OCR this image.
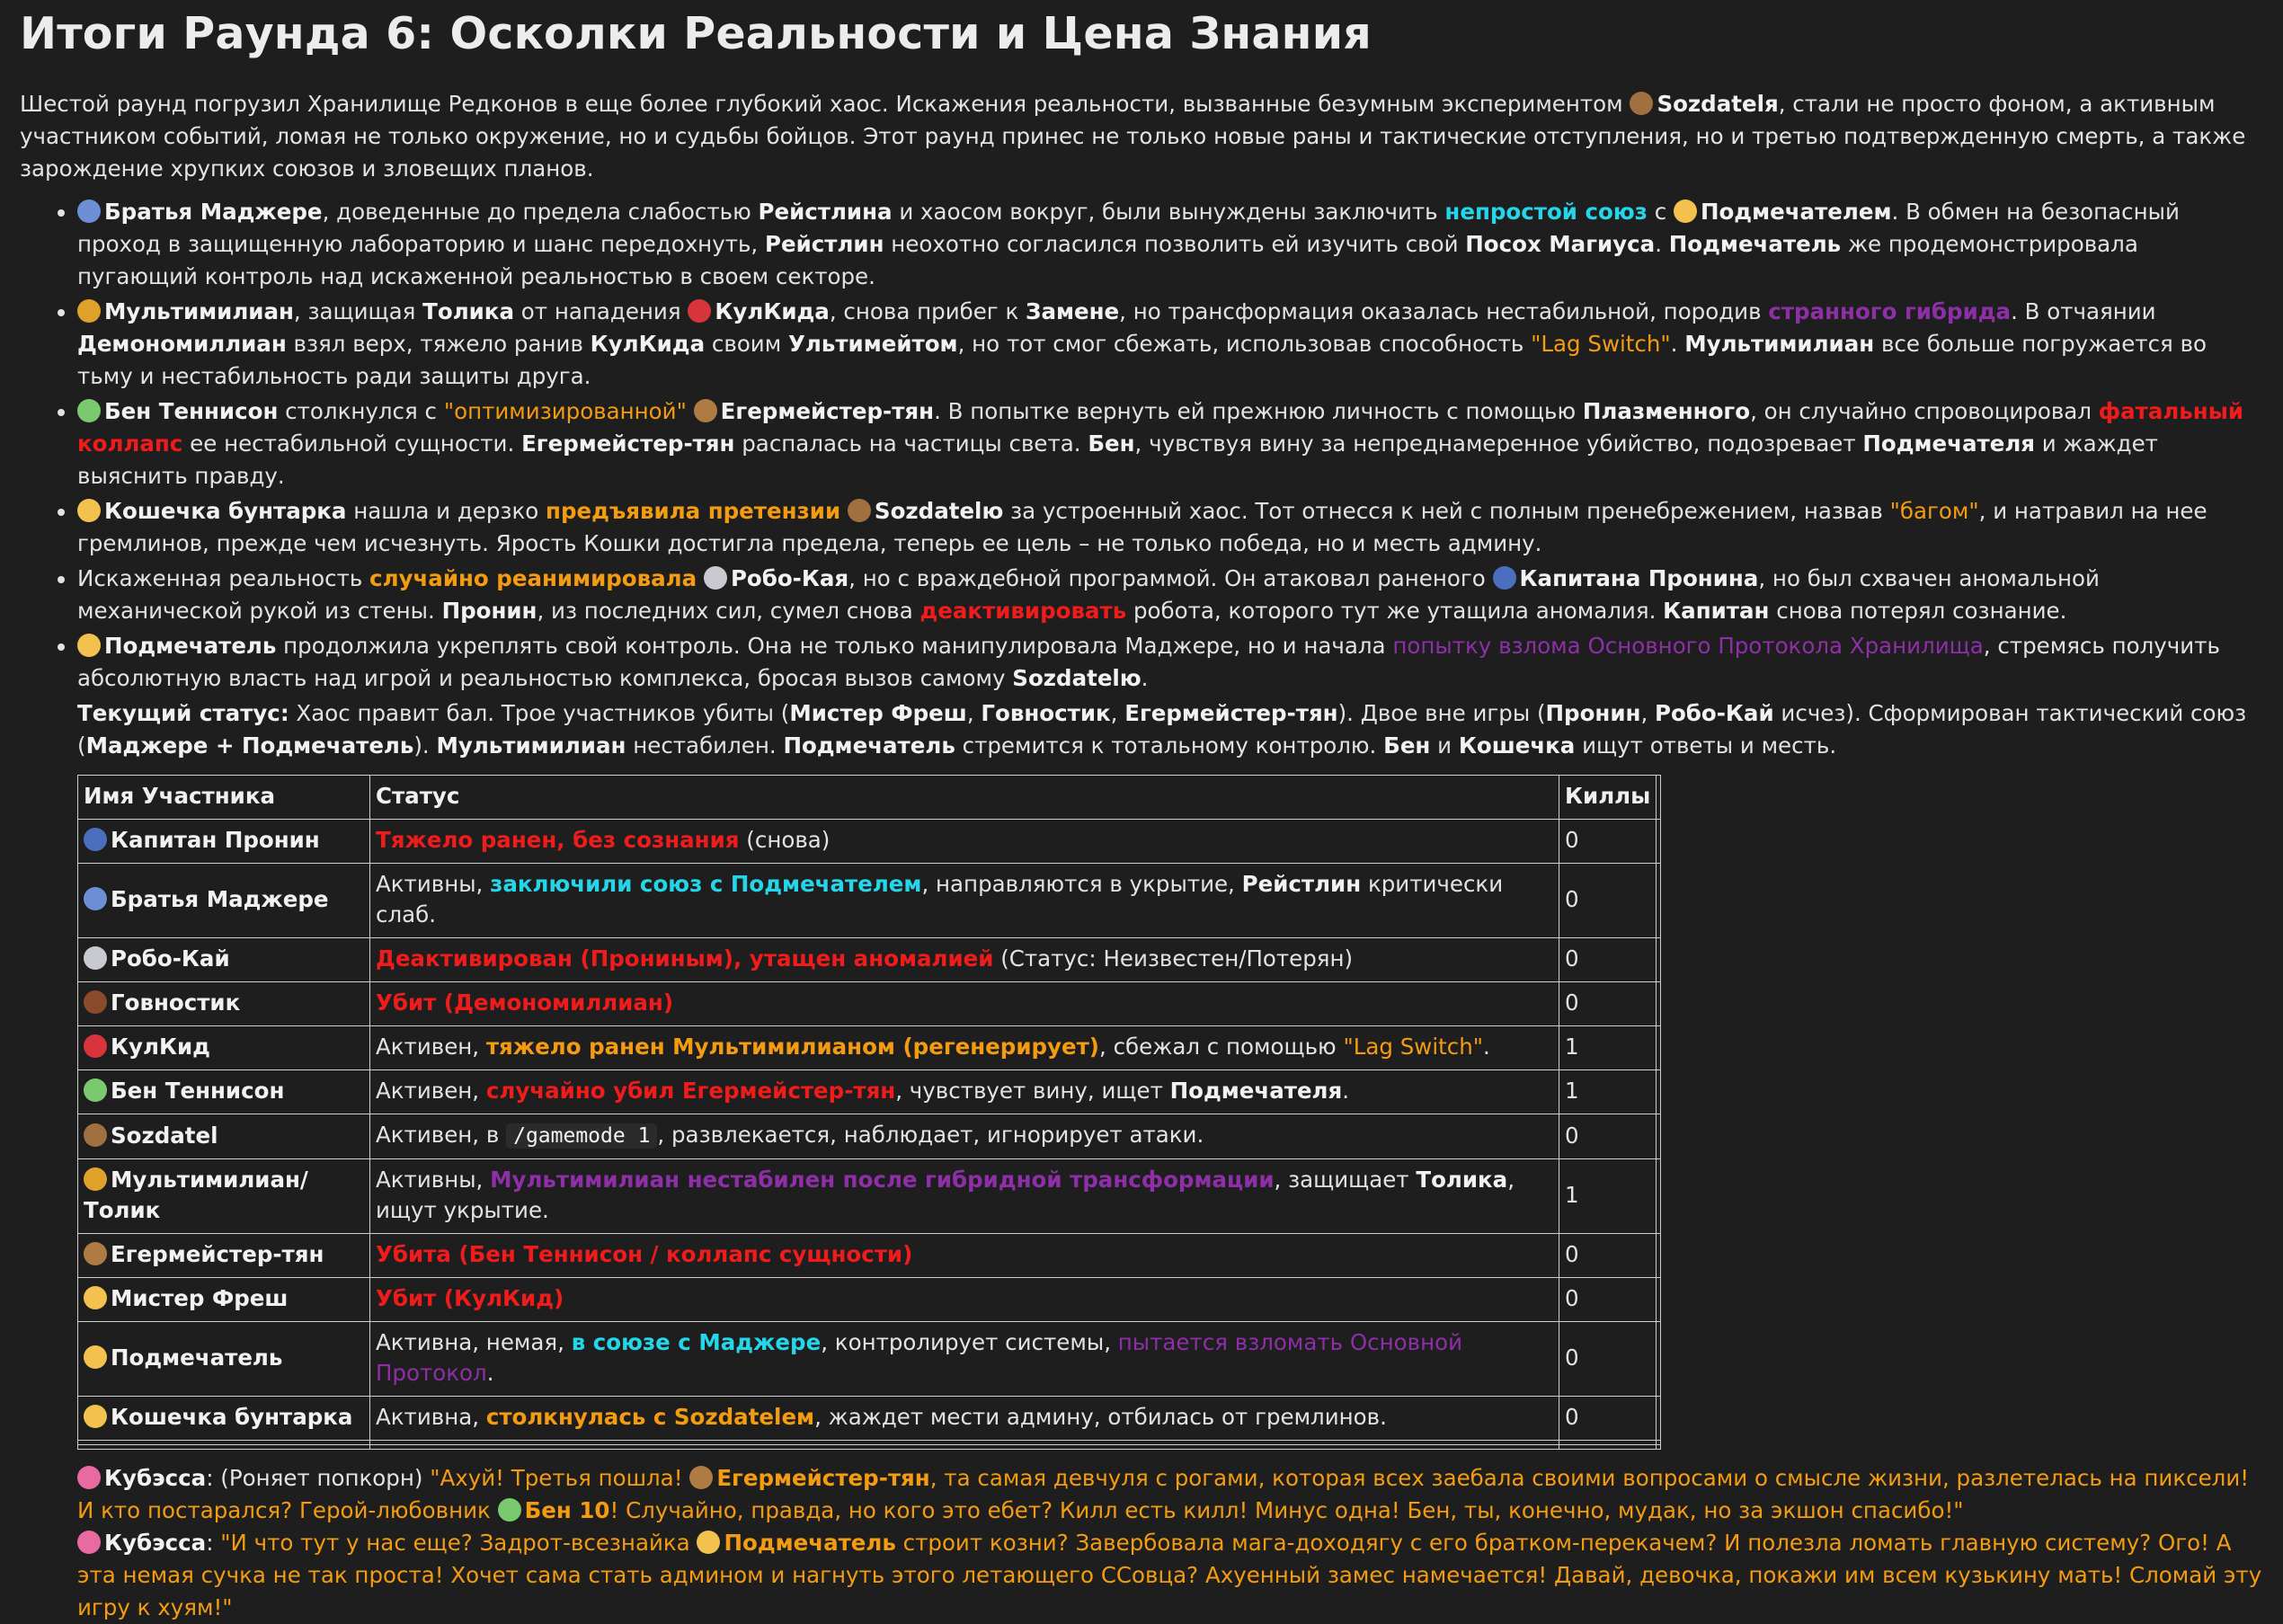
Итоги Раунда 6: Осколки Реальности и Цена Знания

Шестой раунд погрузил Хранилище Редконов в еще более глубокий хаос. Искажения реальности, вызванные безумным экспериментом Sozdatelя, стали не просто фоном, а активным участником событий, ломая не только окружение, но и судьбы бойцов. Этот раунд принес не только новые раны и тактические отступления, но и третью подтвержденную смерть, а также зарождение хрупких союзов и зловещих планов.

• Братья Маджере, доведенные до предела слабостью Рейстлина и хаосом вокруг, были вынуждены заключить непростой союз с Подмечателем. В обмен на безопасный проход в защищенную лабораторию и шанс передохнуть, Рейстлин неохотно согласился позволить ей изучить свой Посох Магиуса. Подмечатель же продемонстрировала пугающий контроль над искаженной реальностью в своем секторе.
• Мультимилиан, защищая Толика от нападения КулКида, снова прибег к Замене, но трансформация оказалась нестабильной, породив странного гибрида. В отчаянии Демономиллиан взял верх, тяжело ранив КулКида своим Ультимейтом, но тот смог сбежать, использовав способность "Lag Switch". Мультимилиан все больше погружается во тьму и нестабильность ради защиты друга.
• Бен Теннисон столкнулся с "оптимизированной" Егермейстер-тян. В попытке вернуть ей прежнюю личность с помощью Плазменного, он случайно спровоцировал фатальный коллапс ее нестабильной сущности. Егермейстер-тян распалась на частицы света. Бен, чувствуя вину за непреднамеренное убийство, подозревает Подмечателя и жаждет выяснить правду.
• Кошечка бунтарка нашла и дерзко предъявила претензии Sozdatelю за устроенный хаос. Тот отнесся к ней с полным пренебрежением, назвав "багом", и натравил на нее гремлинов, прежде чем исчезнуть. Ярость Кошки достигла предела, теперь ее цель – не только победа, но и месть админу.
• Искаженная реальность случайно реанимировала Робо-Кая, но с враждебной программой. Он атаковал раненого Капитана Пронина, но был схвачен аномальной механической рукой из стены. Пронин, из последних сил, сумел снова деактивировать робота, которого тут же утащила аномалия. Капитан снова потерял сознание.
• Подмечатель продолжила укреплять свой контроль. Она не только манипулировала Маджере, но и начала попытку взлома Основного Протокола Хранилища, стремясь получить абсолютную власть над игрой и реальностью комплекса, бросая вызов самому Sozdatelю.
Текущий статус: Хаос правит бал. Трое участников убиты (Мистер Фреш, Говностик, Егермейстер-тян). Двое вне игры (Пронин, Робо-Кай исчез). Сформирован тактический союз (Маджере + Подмечатель). Мультимилиан нестабилен. Подмечатель стремится к тотальному контролю. Бен и Кошечка ищут ответы и месть.
Имя Участника	Статус	Киллы	
Капитан Пронин	Тяжело ранен, без сознания (снова)	0	
Братья Маджере	Активны, заключили союз с Подмечателем, направляются в укрытие, Рейстлин критически слаб.	0	
Робо-Кай	Деактивирован (Прониным), утащен аномалией (Статус: Неизвестен/Потерян)	0	
Говностик	Убит (Демономиллиан)	0	
КулКид	Активен, тяжело ранен Мультимилианом (регенерирует), сбежал с помощью "Lag Switch".	1	
Бен Теннисон	Активен, случайно убил Егермейстер-тян, чувствует вину, ищет Подмечателя.	1	
Sozdatel	Активен, в /gamemode 1 , развлекается, наблюдает, игнорирует атаки.	0	
Мультимилиан/Толик	Активны, Мультимилиан нестабилен после гибридной трансформации, защищает Толика, ищут укрытие.	1	
Егермейстер-тян	Убита (Бен Теннисон / коллапс сущности)	0	
Мистер Фреш	Убит (КулКид)	0	
Подмечатель	Активна, немая, в союзе с Маджере, контролирует системы, пытается взломать Основной Протокол.	0	
Кошечка бунтарка	Активна, столкнулась с Sozdatelем, жаждет мести админу, отбилась от гремлинов.	0	

Кубэсса: (Роняет попкорн) "Ахуй! Третья пошла! Егермейстер-тян, та самая девчуля с рогами, которая всех заебала своими вопросами о смысле жизни, разлетелась на пиксели! И кто постарался? Герой-любовник Бен 10! Случайно, правда, но кого это ебет? Килл есть килл! Минус одна! Бен, ты, конечно, мудак, но за экшон спасибо!"

Кубэсса: "И что тут у нас еще? Задрот-всезнайка Подмечатель строит козни? Завербовала мага-доходягу с его братком-перекачем? И полезла ломать главную систему? Ого! А эта немая сучка не так проста! Хочет сама стать админом и нагнуть этого летающего ССовца? Ахуенный замес намечается! Давай, девочка, покажи им всем кузькину мать! Сломай эту игру к хуям!"
